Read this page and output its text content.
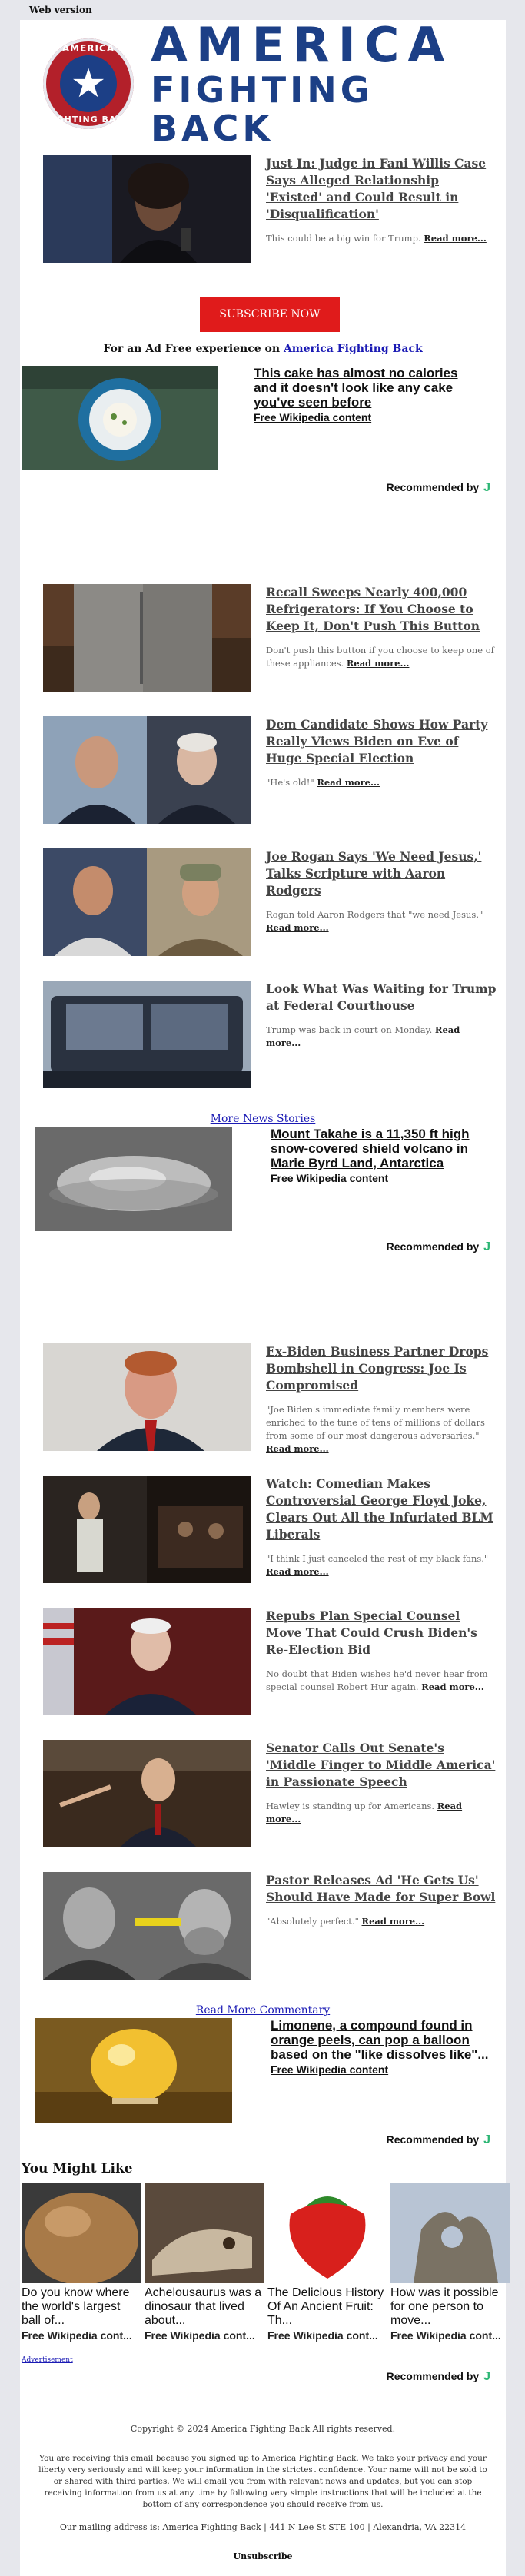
Web version
AMERICA
★
FIGHTING BACK
AMERICA
FIGHTING BACK
Just In: Judge in Fani Willis Case Says Alleged Relationship 'Existed' and Could Result in 'Disqualification'

This could be a big win for Trump. Read more...

SUBSCRIBE NOW
For an Ad Free experience on America Fighting Back
This cake has almost no calories and it doesn't look like any cake you've seen before
Free Wikipedia content
Recommended by J
Recall Sweeps Nearly 400,000 Refrigerators: If You Choose to Keep It, Don't Push This Button

Don't push this button if you choose to keep one of these appliances. Read more...

Dem Candidate Shows How Party Really Views Biden on Eve of Huge Special Election

"He's old!" Read more...

Joe Rogan Says 'We Need Jesus,' Talks Scripture with Aaron Rodgers

Rogan told Aaron Rodgers that "we need Jesus." Read more...

Look What Was Waiting for Trump at Federal Courthouse

Trump was back in court on Monday. Read more...

More News Stories
Mount Takahe is a 11,350 ft high snow-covered shield volcano in Marie Byrd Land, Antarctica
Free Wikipedia content
Recommended by J
Ex-Biden Business Partner Drops Bombshell in Congress: Joe Is Compromised

"Joe Biden's immediate family members were enriched to the tune of tens of millions of dollars from some of our most dangerous adversaries." Read more...

Watch: Comedian Makes Controversial George Floyd Joke, Clears Out All the Infuriated BLM Liberals

"I think I just canceled the rest of my black fans." Read more...

Repubs Plan Special Counsel Move That Could Crush Biden's Re-Election Bid

No doubt that Biden wishes he'd never hear from special counsel Robert Hur again. Read more...

Senator Calls Out Senate's 'Middle Finger to Middle America' in Passionate Speech

Hawley is standing up for Americans. Read more...

Pastor Releases Ad 'He Gets Us' Should Have Made for Super Bowl

"Absolutely perfect." Read more...

Read More Commentary
Limonene, a compound found in orange peels, can pop a balloon based on the "like dissolves like"...
Free Wikipedia content
Recommended by J
You Might Like
Do you know where the world's largest ball of...
Free Wikipedia cont...
Achelousaurus was a dinosaur that lived about...
Free Wikipedia cont...
The Delicious History Of An Ancient Fruit: Th...
Free Wikipedia cont...
How was it possible for one person to move...
Free Wikipedia cont...
Advertisement
Recommended by J
Copyright © 2024 America Fighting Back All rights reserved.
You are receiving this email because you signed up to America Fighting Back. We take your privacy and your liberty very seriously and will keep your information in the strictest confidence. Your name will not be sold to or shared with third parties. We will email you from with relevant news and updates, but you can stop receiving information from us at any time by following very simple instructions that will be included at the bottom of any correspondence you should receive from us.
Our mailing address is: America Fighting Back | 441 N Lee St STE 100 | Alexandria, VA 22314
Unsubscribe
